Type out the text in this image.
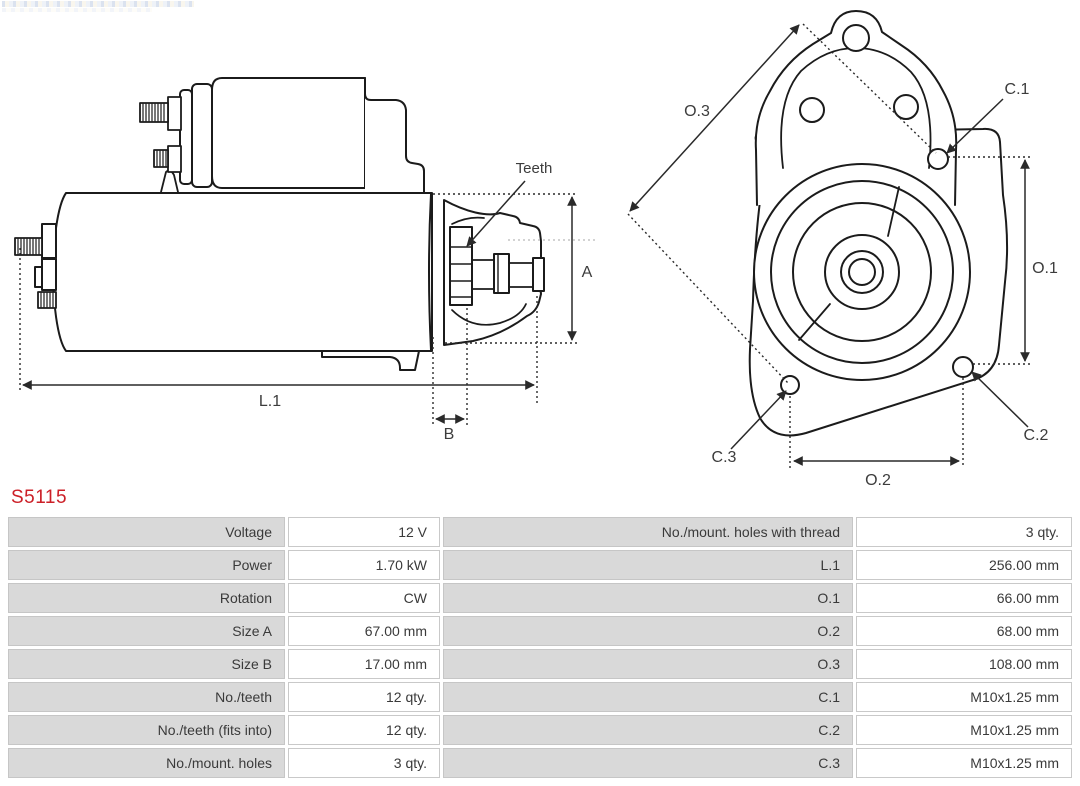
Teeth
L.1
B
A
O.3
C.1
O.1
C.2
C.3
O.2
S5115
Voltage	12 V	No./mount. holes with thread	3 qty.
Power	1.70 kW	L.1	256.00 mm
Rotation	CW	O.1	66.00 mm
Size A	67.00 mm	O.2	68.00 mm
Size B	17.00 mm	O.3	108.00 mm
No./teeth	12 qty.	C.1	M10x1.25 mm
No./teeth (fits into)	12 qty.	C.2	M10x1.25 mm
No./mount. holes	3 qty.	C.3	M10x1.25 mm
